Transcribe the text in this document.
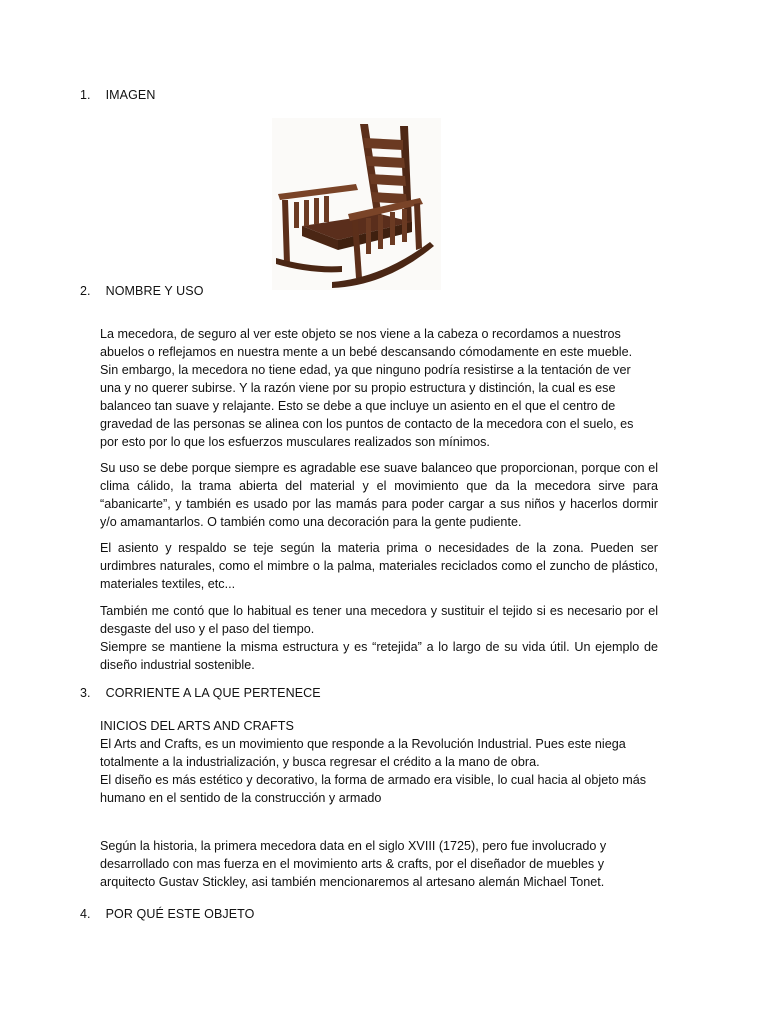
1. IMAGEN
2. NOMBRE Y USO

La mecedora, de seguro al ver este objeto se nos viene a la cabeza o recordamos a nuestros

abuelos o reflejamos en nuestra mente a un bebé descansando cómodamente en este mueble.

Sin embargo, la mecedora no tiene edad, ya que ninguno podría resistirse a la tentación de ver

una y no querer subirse. Y la razón viene por su propio estructura y distinción, la cual es ese

balanceo tan suave y relajante. Esto se debe a que incluye un asiento en el que el centro de

gravedad de las personas se alinea con los puntos de contacto de la mecedora con el suelo, es

por esto por lo que los esfuerzos musculares realizados son mínimos.

Su uso se debe porque siempre es agradable ese suave balanceo que proporcionan, porque con el clima cálido, la trama abierta del material y el movimiento que da la mecedora sirve para “abanicarte”, y también es usado por las mamás para poder cargar a sus niños y hacerlos dormir y/o amamantarlos. O también como una decoración para la gente pudiente.

El asiento y respaldo se teje según la materia prima o necesidades de la zona. Pueden ser urdimbres naturales, como el mimbre o la palma, materiales reciclados como el zuncho de plástico, materiales textiles, etc...

También me contó que lo habitual es tener una mecedora y sustituir el tejido si es necesario por el desgaste del uso y el paso del tiempo.

Siempre se mantiene la misma estructura y es “retejida” a lo largo de su vida útil. Un ejemplo de diseño industrial sostenible.

3. CORRIENTE A LA QUE PERTENECE

INICIOS DEL ARTS AND CRAFTS

El Arts and Crafts, es un movimiento que responde a la Revolución Industrial. Pues este niega

totalmente a la industrialización, y busca regresar el crédito a la mano de obra.

El diseño es más estético y decorativo, la forma de armado era visible, lo cual hacia al objeto más

humano en el sentido de la construcción y armado

Según la historia, la primera mecedora data en el siglo XVIII (1725), pero fue involucrado y

desarrollado con mas fuerza en el movimiento arts & crafts, por el diseñador de muebles y

arquitecto Gustav Stickley, asi también mencionaremos al artesano alemán Michael Tonet.

4. POR QUÉ ESTE OBJETO
